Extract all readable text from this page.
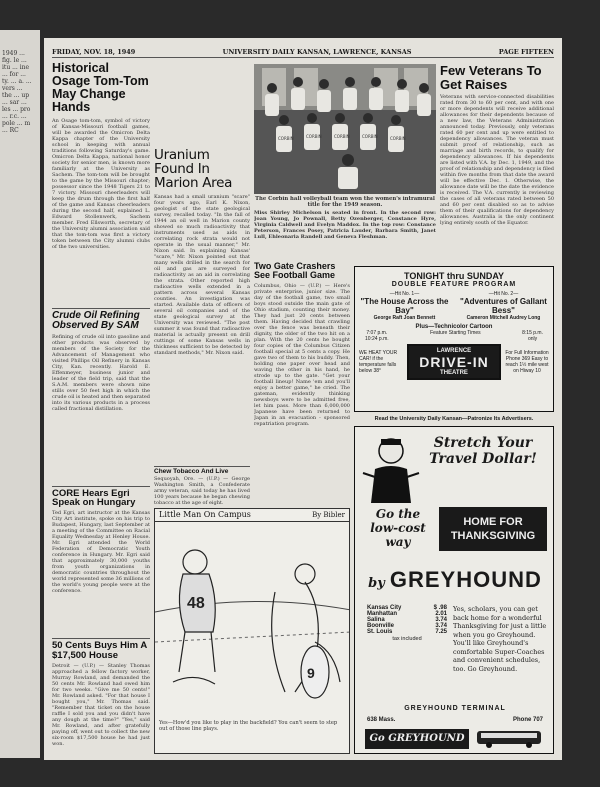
1949 ... fig. le ... itu ... ine ... for ... ty. ... a. ... vers ... the ... up ... sar ... les ... pro ... r.c. ... pole ... m ... RC
FRIDAY, NOV. 18, 1949	UNIVERSITY DAILY KANSAN, LAWRENCE, KANSAS	PAGE FIFTEEN
Historical Osage Tom-Tom May Change Hands
An Osage tom-tom, symbol of victory of Kansas-Missouri football games, will be awarded the Omicron Delta Kappa chapter of the University school in keeping with annual traditions following Saturday's game. Omicron Delta Kappa, national honor society for senior men, is known more familiarly at the University as Sachem. The tom-tom will be brought to the game by the Missouri chapter; possessor since the 1948 Tigers 21 to 7 victory. Missouri cheerleaders will keep the drum through the first half of the game and Kansas cheerleaders during the second half, explained L. Edward Stollenwerk, Sachem member. Fred Ellsworth, secretary of the University alumni association said that the tom-tom was first a victory token between the City alumni clubs of the two universities.
Crude Oil Refining Observed By SAM
Refining of crude oil into gasoline and other products was observed by members of the Society for the Advancement of Management who visited Phillips Oil Refinery in Kansas City, Kan. recently. Harold E. Effenmeyer, business junior and leader of the field trip, said that the S.A.M. members were shown nine stills over 50 feet high in which the crude oil is heated and then separated into its various products in a process called fractional distillation.
CORE Hears Egri Speak on Hungary
Ted Egri, art instructor at the Kansas City Art institute, spoke on his trip to Budapest, Hungary, last September at a meeting of the Committee on Racial Equality Wednesday at Henley House. Mr. Egri attended the World Federation of Democratic Youth conference in Hungary. Mr. Egri said that approximately 30,000 youths from youth organizations in democratic countries throughout the world represented some 36 millions of the world's young people were at the conference.
50 Cents Buys Him A $17,500 House
Detroit — (U.P.) — Stanley Thomas approached a fellow factory worker, Murray Rowland, and demanded the 50 cents Mr. Rowland had owed him for two weeks. "Give me 50 cents!" Mr. Rowland asked. "For that house I bought you," Mr. Thomas said. "Remember that ticket on the house raffle I sold you and you didn't have any dough at the time?" "Yes," said Mr. Rowland, and after gratefully paying off, went out to collect the new six-room $17,500 house he had just won.
Uranium Found In Marion Area
Kansas had a small uranium "scare" four years ago, Earl K. Nixon, geologist of the state geological survey, recalled today. "In the fall of 1944 an oil well in Marion county showed so much radioactivity that instruments used as aids in correlating rock strata would not operate in the usual manner," Mr. Nixon said. In explaining Kansas' "scare," Mr. Nixon pointed out that many wells drilled in the search for oil and gas are surveyed for radioactivity as an aid in correlating the strata. Other reported high radioactive wells extended in a pattern across several Kansas counties. An investigation was started. Available data of officers of several oil companies and of the state geological survey at the University was reviewed. "The post summer it was found that radioactive material is actually present on drill cuttings of some Kansas wells in thickness sufficient to be detected by standard methods," Mr. Nixon said.
Chew Tobacco And Live
Sequoyah, Ore. — (U.P.) — George Washington Smith, a Confederate army veteran, said today he has lived 100 years because he began chewing tobacco at the age of eight.
CORBIN	CORBIN	CORBIN	CORBIN	CORBIN
The Corbin hall volleyball team won the women's intramural title for the 1949 season.
Miss Shirley Michelson is seated in front. In the second row: Joan Young, Jo Pownall, Betty Ozenberger, Constance Hyre, Virginia Caldwell and Evelyn Maddox. In the top row: Constance Peterson, Frances Posey, Patricia Lauder, Barbara Smith, Janet Lull, Ehleonaria Randell and Geneva Fleshman.
Two Gate Crashers See Football Game
Columbus, Ohio — (U.P.) — Here's private enterprise, junior size. The day of the football game, two small boys stood outside the main gate of Ohio stadium, counting their money. They had just 20 cents between them. Having decided that crawling over the fence was beneath their dignity, the older of the two hit on a plan. With the 20 cents he bought four copies of the Columbus Citizen football special at 5 cents a copy. He gave two of them to his buddy. Then, holding one paper over head and waving the other in his hand, he strode up to the gate. "Get your football lineup! Name 'em and you'll enjoy a better game," he cried. The gateman, evidently thinking newsboys were to be admitted free, let him pass. More than 6,000,000 Japanese have been returned to Japan in an evacuation - sponsored repatriation program.
Few Veterans To Get Raises
Veterans with service-connected disabilities rated from 30 to 60 per cent, and with one or more dependents will receive additional allowances for their dependents because of a new law, the Veterans Administration announced today. Previously, only veterans rated 60 per cent and up were entitled to dependency allowances. The veteran must submit proof of relationship, such as marriage and birth records, to qualify for dependency allowances. If his dependents are listed with V.A. by Dec. 1, 1949, and the proof of relationship and dependency is filed within five months from that date the award will be effective Dec. 1. Otherwise, the allowance date will be the date the evidence is received. The V.A. currently is reviewing the cases of all veterans rated between 50 and 60 per cent disabled so as to advise them of their qualifications for dependency allowances. Australia is the only continent lying entirely south of the Equator.
TONIGHT thru SUNDAY
DOUBLE FEATURE PROGRAM
—Hit No. 1—
"The House Across the Bay"
George Raft Joan Bennett
—Hit No. 2—
"Adventures of Gallant Bess"
Cameron Mitchell Audrey Long
Plus—Technicolor Cartoon
7:07 p.m.
10:24 p.m.
Feature Starting Times	8:15 p.m.
only
WE HEAT YOUR CAR! if the temperature falls below 38°
LAWRENCE
DRIVE-IN
THEATRE
For Full Information Phone 369 Easy to reach 1½ mile west on Hiway 10
Read the University Daily Kansan—Patronize Its Advertisers.
Little Man On Campus	By Bibler
48
9
Yes—How'd you like to play in the backfield? You can't seem to step out of those line plays.
Stretch Your
Travel Dollar!
Go the
low-cost
way
HOME FOR THANKSGIVING
by GREYHOUND
Kansas City	$ .98
Manhattan	2.01
Salina	3.74
Boonville	3.74
St. Louis	7.25
tax included
Yes, scholars, you can get back home for a wonderful Thanksgiving for just a little when you go Greyhound. You'll like Greyhound's comfortable Super-Coaches and convenient schedules, too. Go Greyhound.
GREYHOUND TERMINAL
638 Mass.	Phone 707
Go GREYHOUND
